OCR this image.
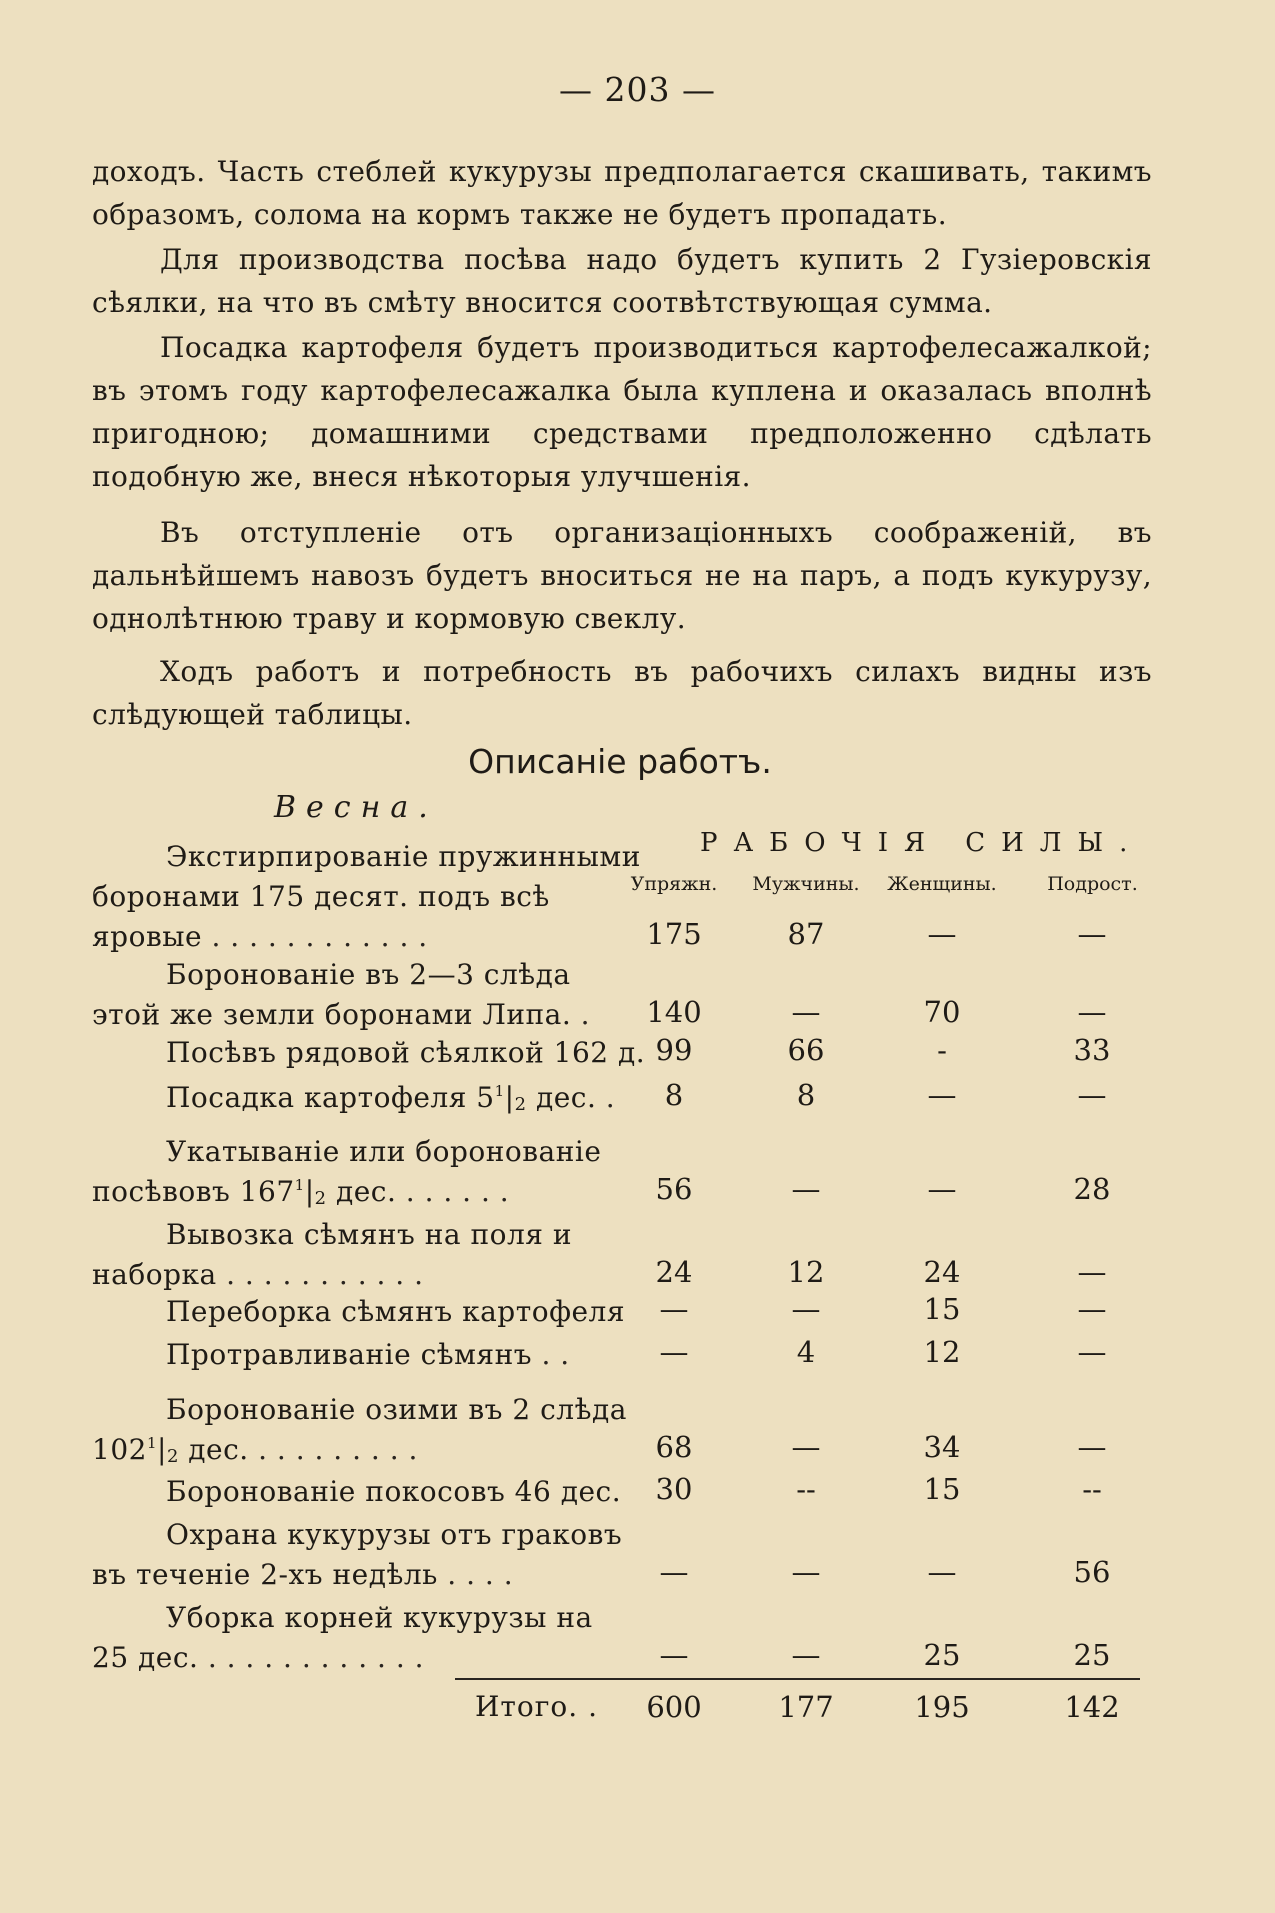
— 203 —
доходъ. Часть стеблей кукурузы предполагается скашивать, такимъ образомъ, солома на кормъ также не будетъ пропадать.
Для производства посѣва надо будетъ купить 2 Гузіеровскія сѣялки, на что въ смѣту вносится соотвѣтствующая сумма.
Посадка картофеля будетъ производиться картофелесажалкой; въ этомъ году картофелесажалка была куплена и оказалась вполнѣ пригодною; домашними средствами предположенно сдѣлать подобную же, внеся нѣкоторыя улучшенія.
Въ отступленіе отъ организаціонныхъ соображеній, въ дальнѣйшемъ навозъ будетъ вноситься не на паръ, а подъ кукурузу, однолѣтнюю траву и кормовую свеклу.
Ходъ работъ и потребность въ рабочихъ силахъ видны изъ слѣдующей таблицы.
Описаніе работъ.
Весна.
РАБОЧІЯ СИЛЫ.
Упряжн.	Мужчины.	Женщины.	Подрост.
Экстирпированіе пружинными
боронами 175 десят. подъ всѣ
яровые . . . . . . . . . . . .	175	87	—	—
Боронованіе въ 2—3 слѣда
этой же земли боронами Липа. .	140	—	70	—
Посѣвъ рядовой сѣялкой 162 д. 99	66	-	33
Посадка картофеля $5^1|_2$ дес. .	8	8	—	—
Укатываніе или боронованіе
посѣвовъ $167^1|_2$ дес. . . . . . .	56	—	—	28
Вывозка сѣмянъ на поля и
наборка . . . . . . . . . . .	24	12	24	—
Переборка сѣмянъ картофеля	—	—	15	—
Протравливаніе сѣмянъ . .	—	4	12	—
Боронованіе озими въ 2 слѣда
$102^1|_2$ дес. . . . . . . . . .	68	—	34	—
Боронованіе покосовъ 46 дес.	30	--	15	--
Охрана кукурузы отъ граковъ
въ теченіе 2-хъ недѣль . . . .	—	—	—	56
Уборка корней кукурузы на
25 дес. . . . . . . . . . . . .	—	—	25	25
Итого. .	600	177	195	142
